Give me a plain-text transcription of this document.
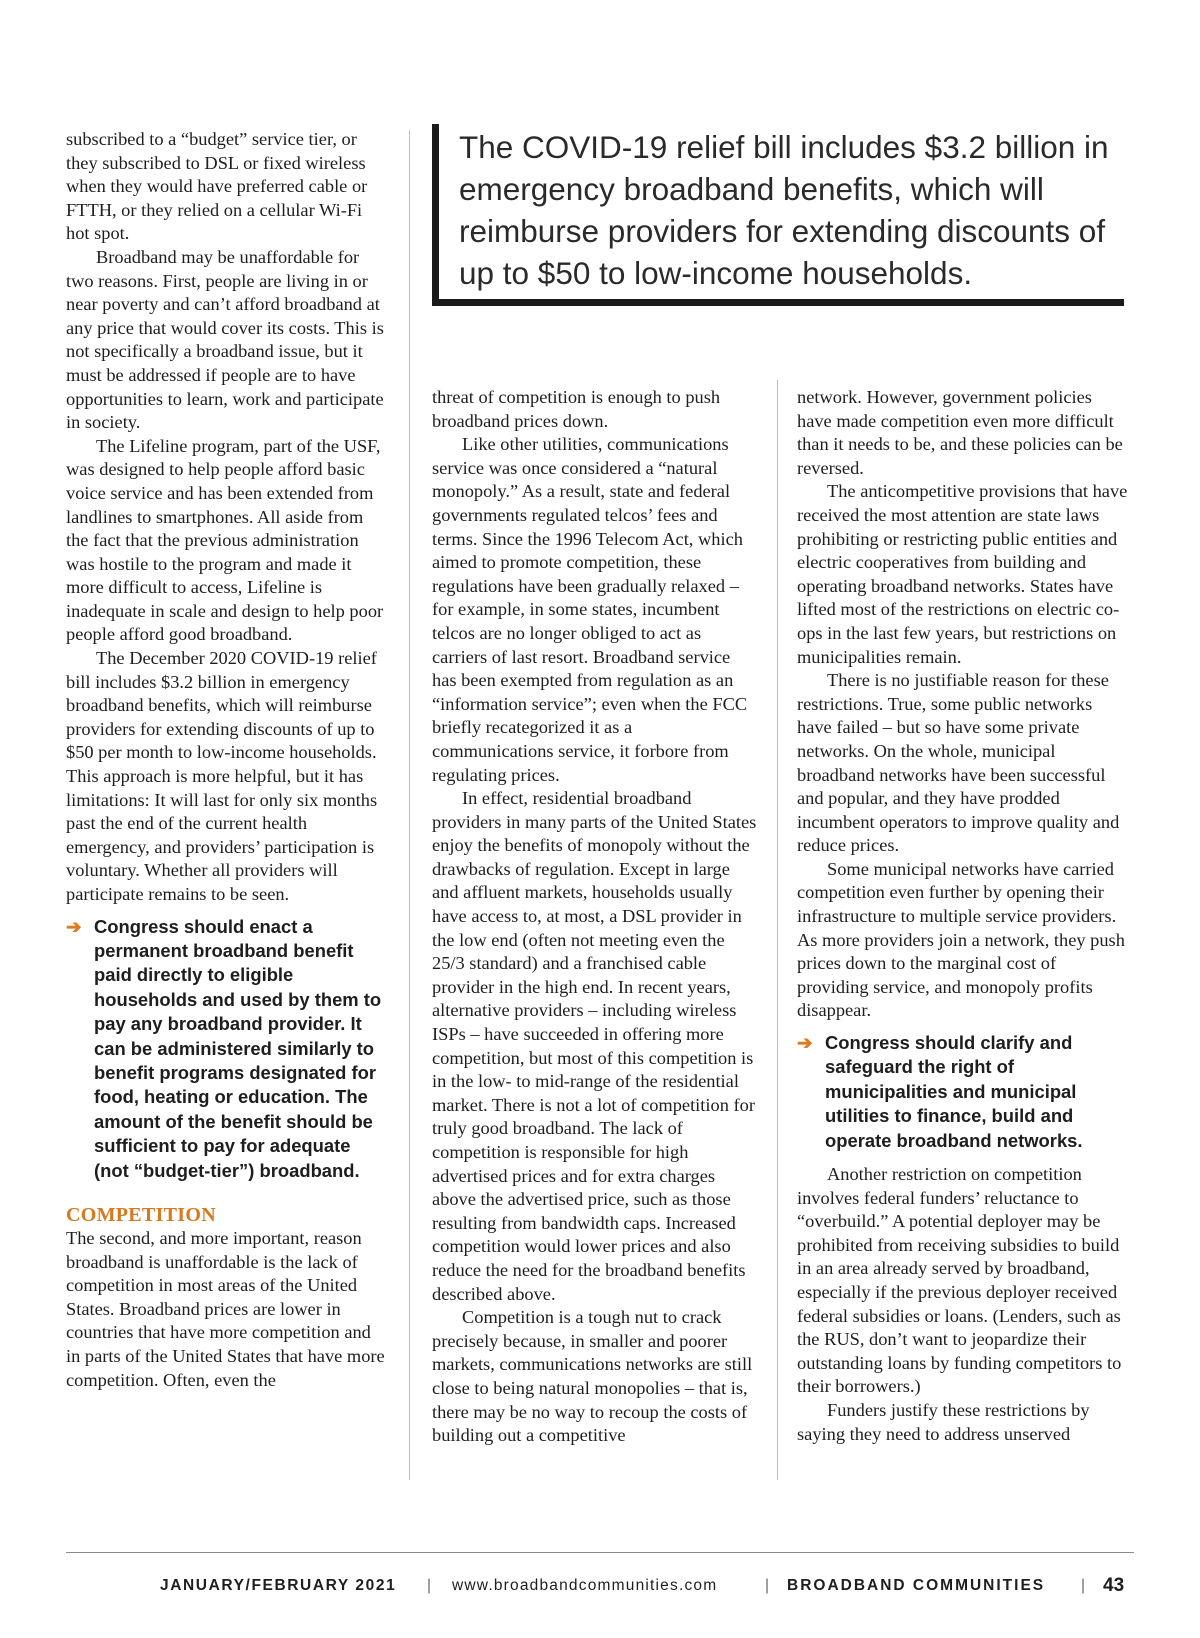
subscribed to a “budget” service tier, or they subscribed to DSL or fixed wireless when they would have preferred cable or FTTH, or they relied on a cellular Wi-Fi hot spot.

Broadband may be unaffordable for two reasons. First, people are living in or near poverty and can’t afford broadband at any price that would cover its costs. This is not specifically a broadband issue, but it must be addressed if people are to have opportunities to learn, work and participate in society.

The Lifeline program, part of the USF, was designed to help people afford basic voice service and has been extended from landlines to smartphones. All aside from the fact that the previous administration was hostile to the program and made it more difficult to access, Lifeline is inadequate in scale and design to help poor people afford good broadband.

The December 2020 COVID-19 relief bill includes $3.2 billion in emergency broadband benefits, which will reimburse providers for extending discounts of up to $50 per month to low-income households. This approach is more helpful, but it has limitations: It will last for only six months past the end of the current health emergency, and providers’ participation is voluntary. Whether all providers will participate remains to be seen.

➔ Congress should enact a permanent broadband benefit paid directly to eligible households and used by them to pay any broadband provider. It can be administered similarly to benefit programs designated for food, heating or education. The amount of the benefit should be sufficient to pay for adequate (not “budget-tier”) broadband.
COMPETITION

The second, and more important, reason broadband is unaffordable is the lack of competition in most areas of the United States. Broadband prices are lower in countries that have more competition and in parts of the United States that have more competition. Often, even the

The COVID-19 relief bill includes $3.2 billion in emergency broadband benefits, which will reimburse providers for extending discounts of up to $50 to low-income households.

threat of competition is enough to push broadband prices down.

Like other utilities, communications service was once considered a “natural monopoly.” As a result, state and federal governments regulated telcos’ fees and terms. Since the 1996 Telecom Act, which aimed to promote competition, these regulations have been gradually relaxed – for example, in some states, incumbent telcos are no longer obliged to act as carriers of last resort. Broadband service has been exempted from regulation as an “information service”; even when the FCC briefly recategorized it as a communications service, it forbore from regulating prices.

In effect, residential broadband providers in many parts of the United States enjoy the benefits of monopoly without the drawbacks of regulation. Except in large and affluent markets, households usually have access to, at most, a DSL provider in the low end (often not meeting even the 25/3 standard) and a franchised cable provider in the high end. In recent years, alternative providers – including wireless ISPs – have succeeded in offering more competition, but most of this competition is in the low- to mid-range of the residential market. There is not a lot of competition for truly good broadband. The lack of competition is responsible for high advertised prices and for extra charges above the advertised price, such as those resulting from bandwidth caps. Increased competition would lower prices and also reduce the need for the broadband benefits described above.

Competition is a tough nut to crack precisely because, in smaller and poorer markets, communications networks are still close to being natural monopolies – that is, there may be no way to recoup the costs of building out a competitive

network. However, government policies have made competition even more difficult than it needs to be, and these policies can be reversed.

The anticompetitive provisions that have received the most attention are state laws prohibiting or restricting public entities and electric cooperatives from building and operating broadband networks. States have lifted most of the restrictions on electric co-ops in the last few years, but restrictions on municipalities remain.

There is no justifiable reason for these restrictions. True, some public networks have failed – but so have some private networks. On the whole, municipal broadband networks have been successful and popular, and they have prodded incumbent operators to improve quality and reduce prices.

Some municipal networks have carried competition even further by opening their infrastructure to multiple service providers. As more providers join a network, they push prices down to the marginal cost of providing service, and monopoly profits disappear.

➔ Congress should clarify and safeguard the right of municipalities and municipal utilities to finance, build and operate broadband networks.

Another restriction on competition involves federal funders’ reluctance to “overbuild.” A potential deployer may be prohibited from receiving subsidies to build in an area already served by broadband, especially if the previous deployer received federal subsidies or loans. (Lenders, such as the RUS, don’t want to jeopardize their outstanding loans by funding competitors to their borrowers.)

Funders justify these restrictions by saying they need to address unserved

JANUARY/FEBRUARY 2021 | www.broadbandcommunities.com	| BROADBAND COMMUNITIES | 43
